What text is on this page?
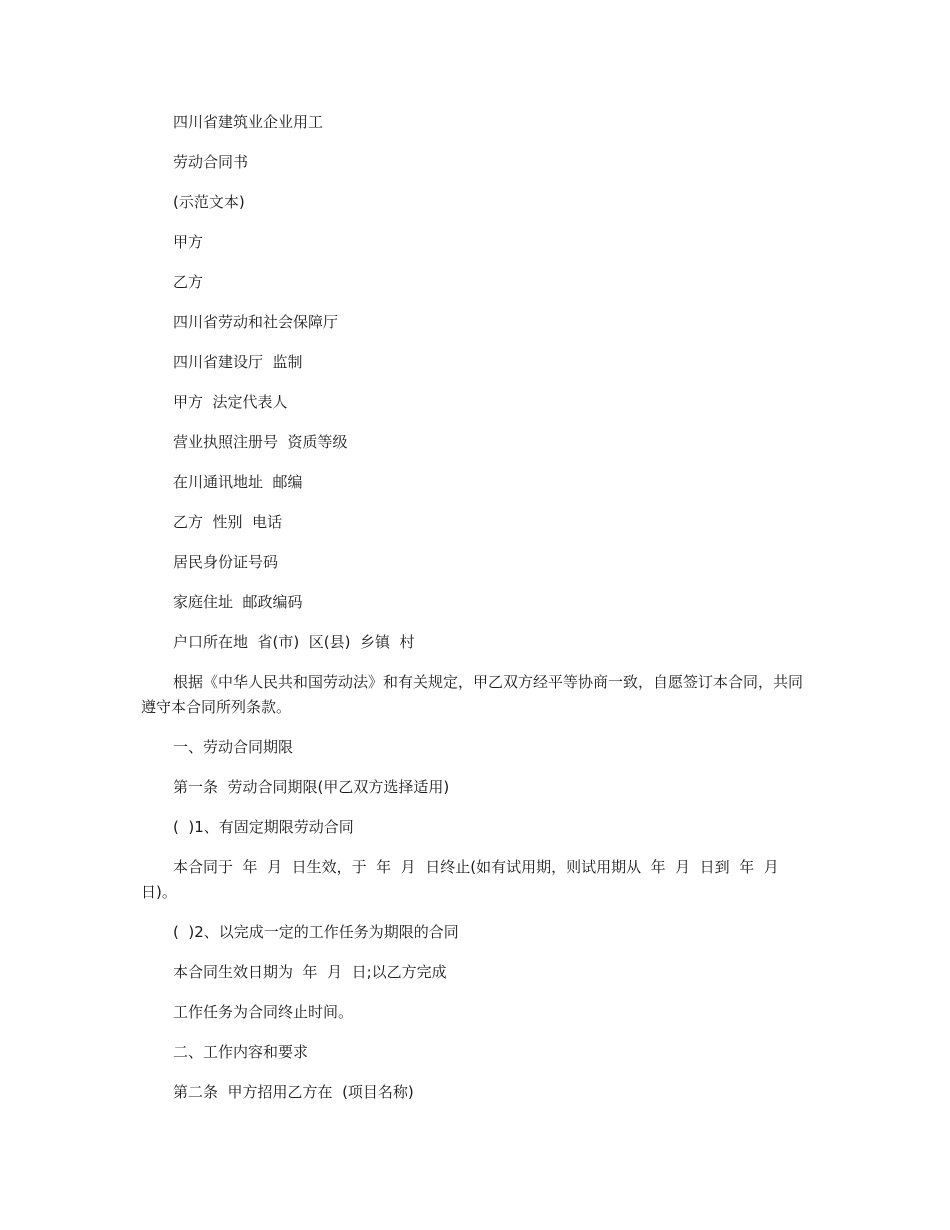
四川省建筑业企业用工

劳动合同书

(示范文本)

甲方

乙方

四川省劳动和社会保障厅

四川省建设厅  监制

甲方  法定代表人

营业执照注册号  资质等级

在川通讯地址  邮编

乙方  性别  电话

居民身份证号码

家庭住址  邮政编码

户口所在地  省(市)  区(县)  乡镇  村

根据《中华人民共和国劳动法》和有关规定，甲乙双方经平等协商一致，自愿签订本合同，共同遵守本合同所列条款。

一、劳动合同期限

第一条  劳动合同期限(甲乙双方选择适用)

(  )1、有固定期限劳动合同

本合同于  年  月  日生效，于  年  月  日终止(如有试用期，则试用期从  年  月  日到  年  月  日)。

(  )2、以完成一定的工作任务为期限的合同

本合同生效日期为  年  月  日;以乙方完成

工作任务为合同终止时间。

二、工作内容和要求

第二条  甲方招用乙方在  (项目名称)
